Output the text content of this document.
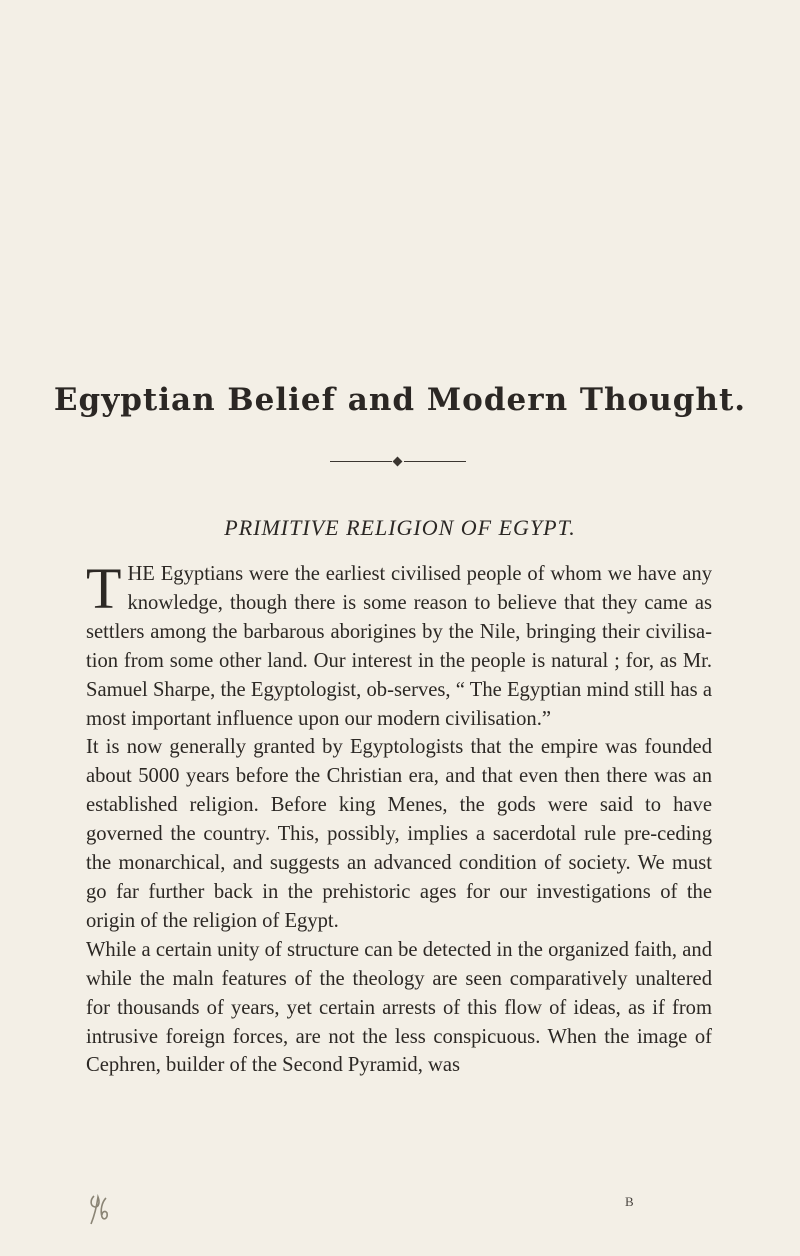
Egyptian Belief and Modern Thought.
PRIMITIVE RELIGION OF EGYPT.

THE Egyptians were the earliest civilised people of whom we have any knowledge, though there is some reason to believe that they came as settlers among the barbarous aborigines by the Nile, bringing their civilisa-tion from some other land. Our interest in the people is natural ; for, as Mr. Samuel Sharpe, the Egyptologist, ob-serves, “ The Egyptian mind still has a most important influence upon our modern civilisation.”

It is now generally granted by Egyptologists that the empire was founded about 5000 years before the Christian era, and that even then there was an established religion. Before king Menes, the gods were said to have governed the country. This, possibly, implies a sacerdotal rule pre-ceding the monarchical, and suggests an advanced condition of society. We must go far further back in the prehistoric ages for our investigations of the origin of the religion of Egypt.

While a certain unity of structure can be detected in the organized faith, and while the maln features of the theology are seen comparatively unaltered for thousands of years, yet certain arrests of this flow of ideas, as if from intrusive foreign forces, are not the less conspicuous. When the image of Cephren, builder of the Second Pyramid, was

B
